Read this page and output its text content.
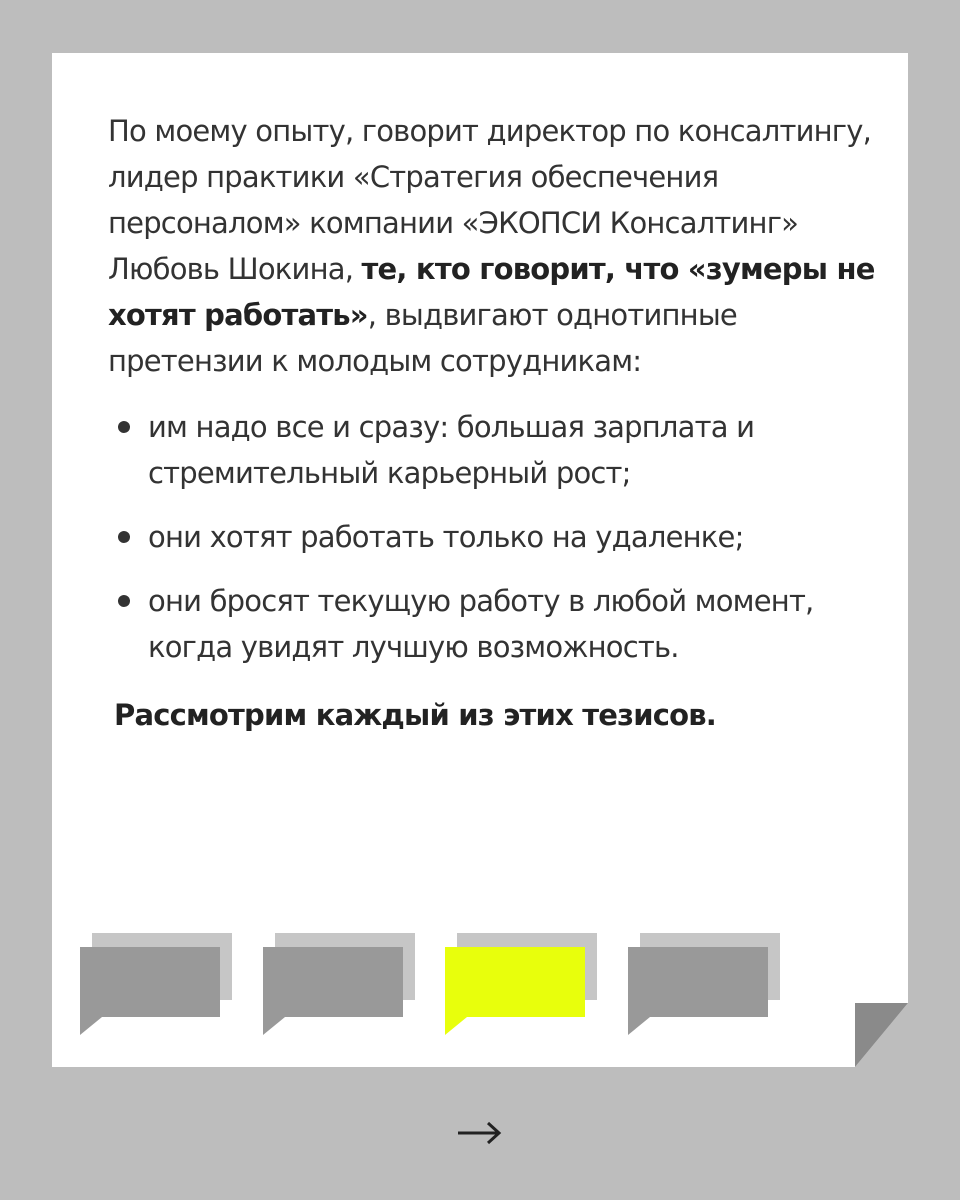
По моему опыту, говорит директор по консалтингу, лидер практики «Стратегия обеспечения персоналом» компании «ЭКОПСИ Консалтинг» Любовь Шокина, те, кто говорит, что «зумеры не хотят работать», выдвигают однотипные претензии к молодым сотрудникам:

им надо все и сразу: большая зарплата и стремительный карьерный рост;
они хотят работать только на удаленке;
они бросят текущую работу в любой момент, когда увидят лучшую возможность.

Рассмотрим каждый из этих тезисов.
